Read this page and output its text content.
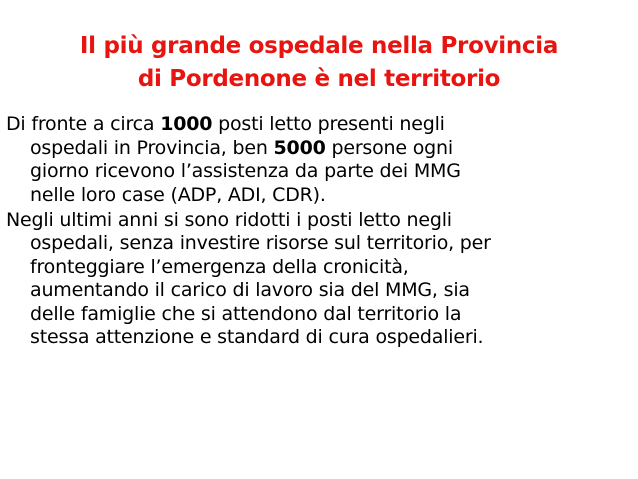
Il più grande ospedale nella Provincia
di Pordenone è nel territorio
Di fronte a circa 1000 posti letto presenti negli
ospedali in Provincia, ben 5000 persone ogni
giorno ricevono l’assistenza da parte dei MMG
nelle loro case (ADP, ADI, CDR).
Negli ultimi anni si sono ridotti i posti letto negli
ospedali, senza investire risorse sul territorio, per
fronteggiare l’emergenza della cronicità,
aumentando il carico di lavoro sia del MMG, sia
delle famiglie che si attendono dal territorio la
stessa attenzione e standard di cura ospedalieri.
